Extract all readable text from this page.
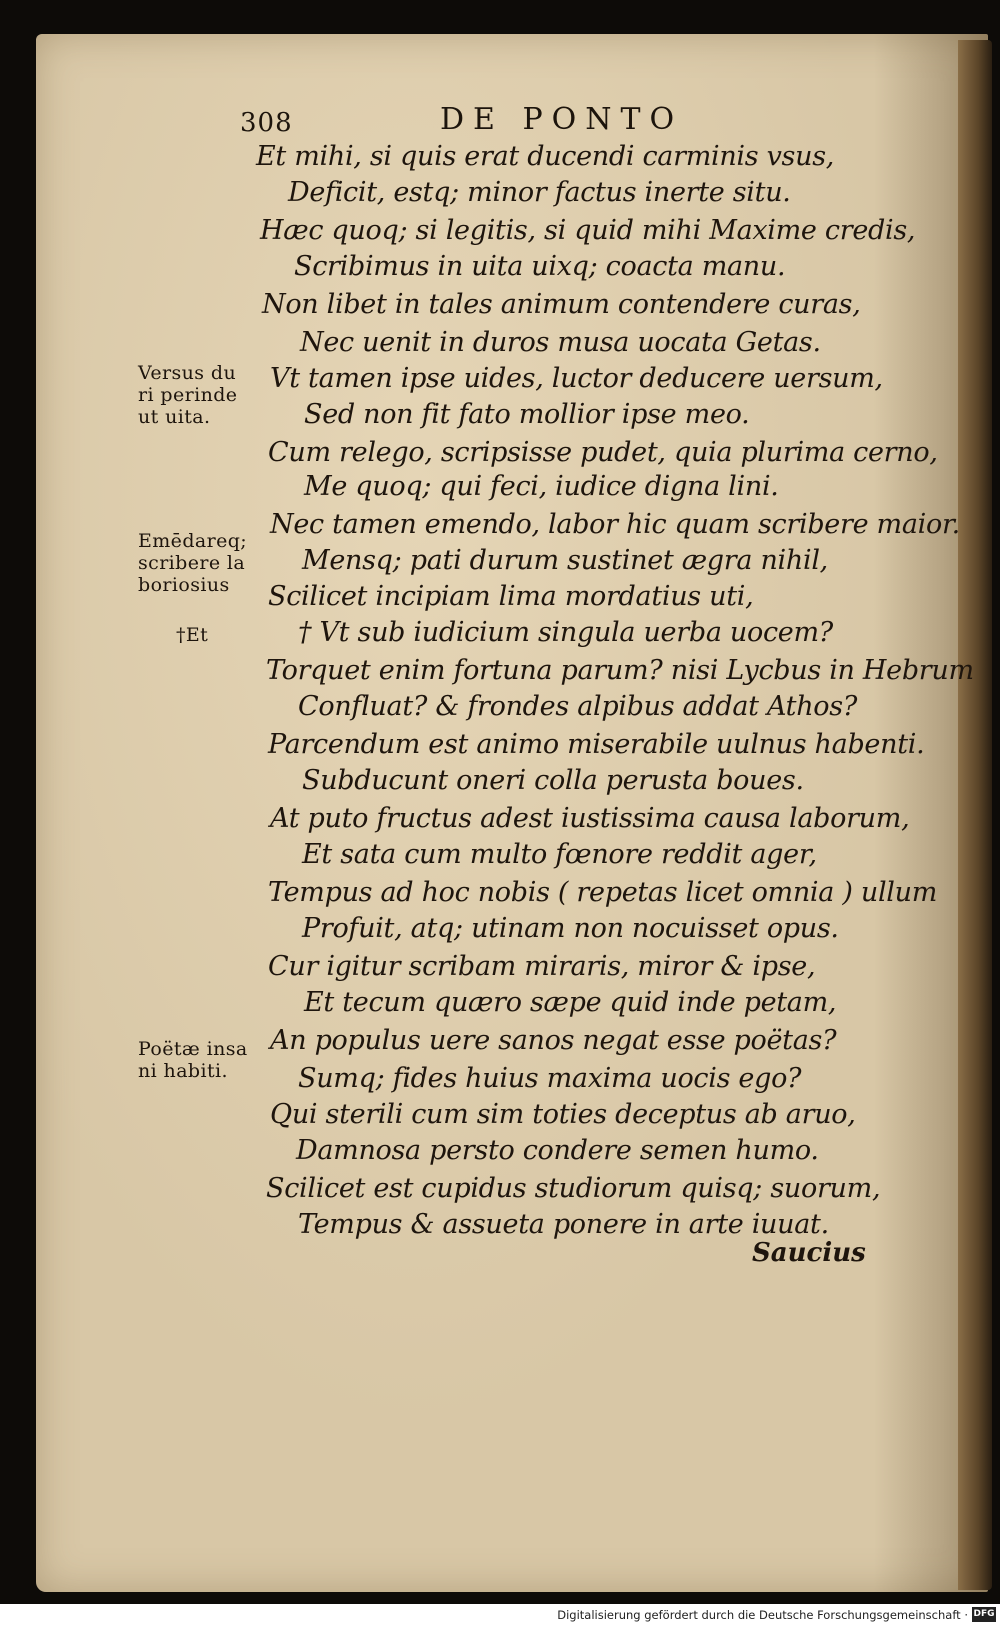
308	DE PONTO
Et mihi, si quis erat ducendi carminis vsus,
Deficit, estq; minor factus inerte situ.
Hæc quoq; si legitis, si quid mihi Maxime credis,
Scribimus in uita uixq; coacta manu.
Non libet in tales animum contendere curas,
Nec uenit in duros musa uocata Getas.
Vt tamen ipse uides, luctor deducere uersum,
Sed non fit fato mollior ipse meo.
Cum relego, scripsisse pudet, quia plurima cerno,
Me quoq; qui feci, iudice digna lini.
Nec tamen emendo, labor hic quam scribere maior.
Mensq; pati durum sustinet ægra nihil,
Scilicet incipiam lima mordatius uti,
† Vt sub iudicium singula uerba uocem?
Torquet enim fortuna parum? nisi Lycbus in Hebrum
Confluat? & frondes alpibus addat Athos?
Parcendum est animo miserabile uulnus habenti.
Subducunt oneri colla perusta boues.
At puto fructus adest iustissima causa laborum,
Et sata cum multo fœnore reddit ager,
Tempus ad hoc nobis ( repetas licet omnia ) ullum
Profuit, atq; utinam non nocuisset opus.
Cur igitur scribam miraris, miror & ipse,
Et tecum quæro sæpe quid inde petam,
An populus uere sanos negat esse poëtas?
Sumq; fides huius maxima uocis ego?
Qui sterili cum sim toties deceptus ab aruo,
Damnosa persto condere semen humo.
Scilicet est cupidus studiorum quisq; suorum,
Tempus & assueta ponere in arte iuuat.
Versus du
ri perinde
ut uita.
Emēdareq;
scribere la
boriosius
†Et
Poëtæ insa
ni habiti.
Saucius
Digitalisierung gefördert durch die Deutsche Forschungsgemeinschaft · DFG
